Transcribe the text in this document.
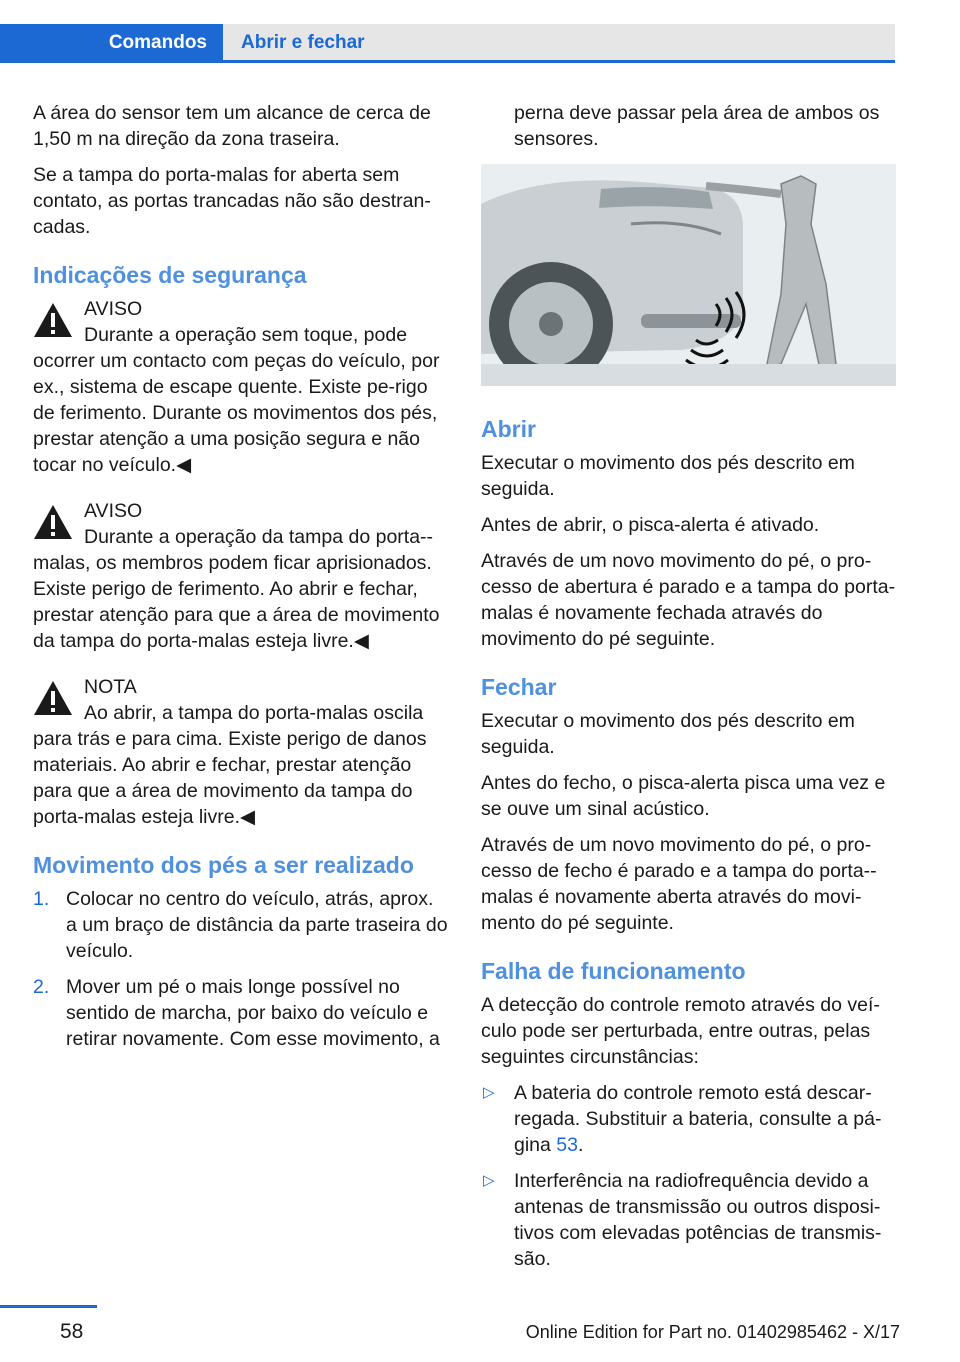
Comandos	Abrir e fechar

A área do sensor tem um alcance de cerca de 1,50 m na direção da zona traseira.

Se a tampa do porta-malas for aberta sem contato, as portas trancadas não são destran‐cadas.

Indicações de segurança
AVISO
Durante a operação sem toque, pode ocorrer um contacto com peças do veículo, por ex., sistema de escape quente. Existe pe‐rigo de ferimento. Durante os movimentos dos pés, prestar atenção a uma posição segura e não tocar no veículo.◀
AVISO
Durante a operação da tampa do porta--malas, os membros podem ficar aprisionados. Existe perigo de ferimento. Ao abrir e fechar, prestar atenção para que a área de movimento da tampa do porta-malas esteja livre.◀
NOTA
Ao abrir, a tampa do porta-malas oscila para trás e para cima. Existe perigo de danos materiais. Ao abrir e fechar, prestar atenção para que a área de movimento da tampa do porta-malas esteja livre.◀
Movimento dos pés a ser realizado
1. Colocar no centro do veículo, atrás, aprox. a um braço de distância da parte traseira do veículo.
2. Mover um pé o mais longe possível no sentido de marcha, por baixo do veículo e retirar novamente. Com esse movimento, a

perna deve passar pela área de ambos os sensores.

Abrir

Executar o movimento dos pés descrito em seguida.

Antes de abrir, o pisca-alerta é ativado.

Através de um novo movimento do pé, o pro‐cesso de abertura é parado e a tampa do porta-malas é novamente fechada através do movimento do pé seguinte.

Fechar

Executar o movimento dos pés descrito em seguida.

Antes do fecho, o pisca-alerta pisca uma vez e se ouve um sinal acústico.

Através de um novo movimento do pé, o pro‐cesso de fecho é parado e a tampa do porta--malas é novamente aberta através do movi‐mento do pé seguinte.

Falha de funcionamento

A detecção do controle remoto através do veí‐culo pode ser perturbada, entre outras, pelas seguintes circunstâncias:

▷ A bateria do controle remoto está descar‐regada. Substituir a bateria, consulte a pá‐gina 53.
▷ Interferência na radiofrequência devido a antenas de transmissão ou outros disposi‐tivos com elevadas potências de transmis‐são.
58	Online Edition for Part no. 01402985462 - X/17
